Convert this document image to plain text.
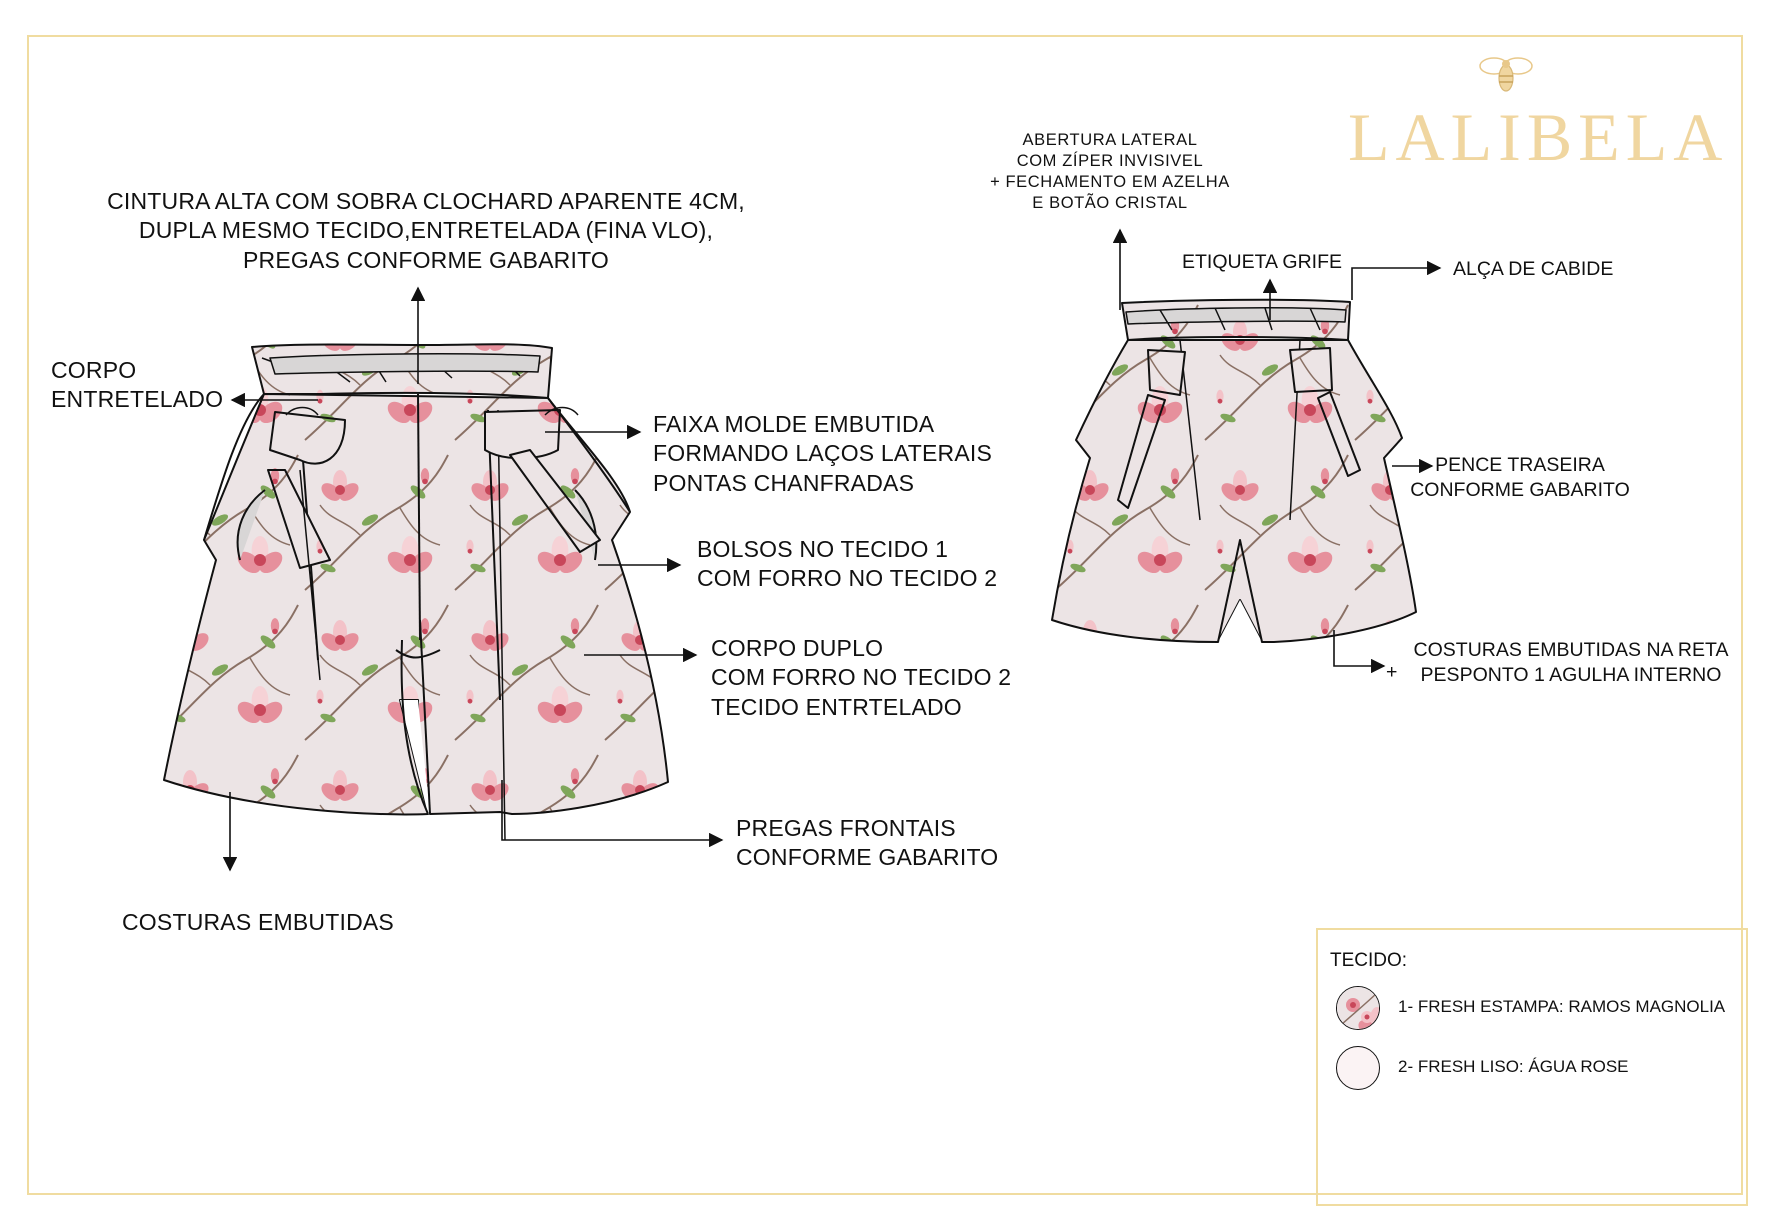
LALIBELA
CINTURA ALTA COM SOBRA CLOCHARD APARENTE 4CM,
DUPLA MESMO TECIDO,ENTRETELADA (FINA VLO),
PREGAS CONFORME GABARITO
CORPO
ENTRETELADO
FAIXA MOLDE EMBUTIDA
FORMANDO LAÇOS LATERAIS
PONTAS CHANFRADAS
BOLSOS NO TECIDO 1
COM FORRO NO TECIDO 2
CORPO DUPLO
COM FORRO NO TECIDO 2
TECIDO ENTRTELADO
PREGAS FRONTAIS
CONFORME GABARITO
COSTURAS EMBUTIDAS
ABERTURA LATERAL
COM ZÍPER INVISIVEL
+ FECHAMENTO EM AZELHA
E BOTÃO CRISTAL
ETIQUETA GRIFE	ALÇA DE CABIDE
PENCE TRASEIRA
CONFORME GABARITO
+
COSTURAS EMBUTIDAS NA RETA
PESPONTO 1 AGULHA INTERNO
TECIDO:
1- FRESH ESTAMPA: RAMOS MAGNOLIA
2- FRESH LISO: ÁGUA ROSE
